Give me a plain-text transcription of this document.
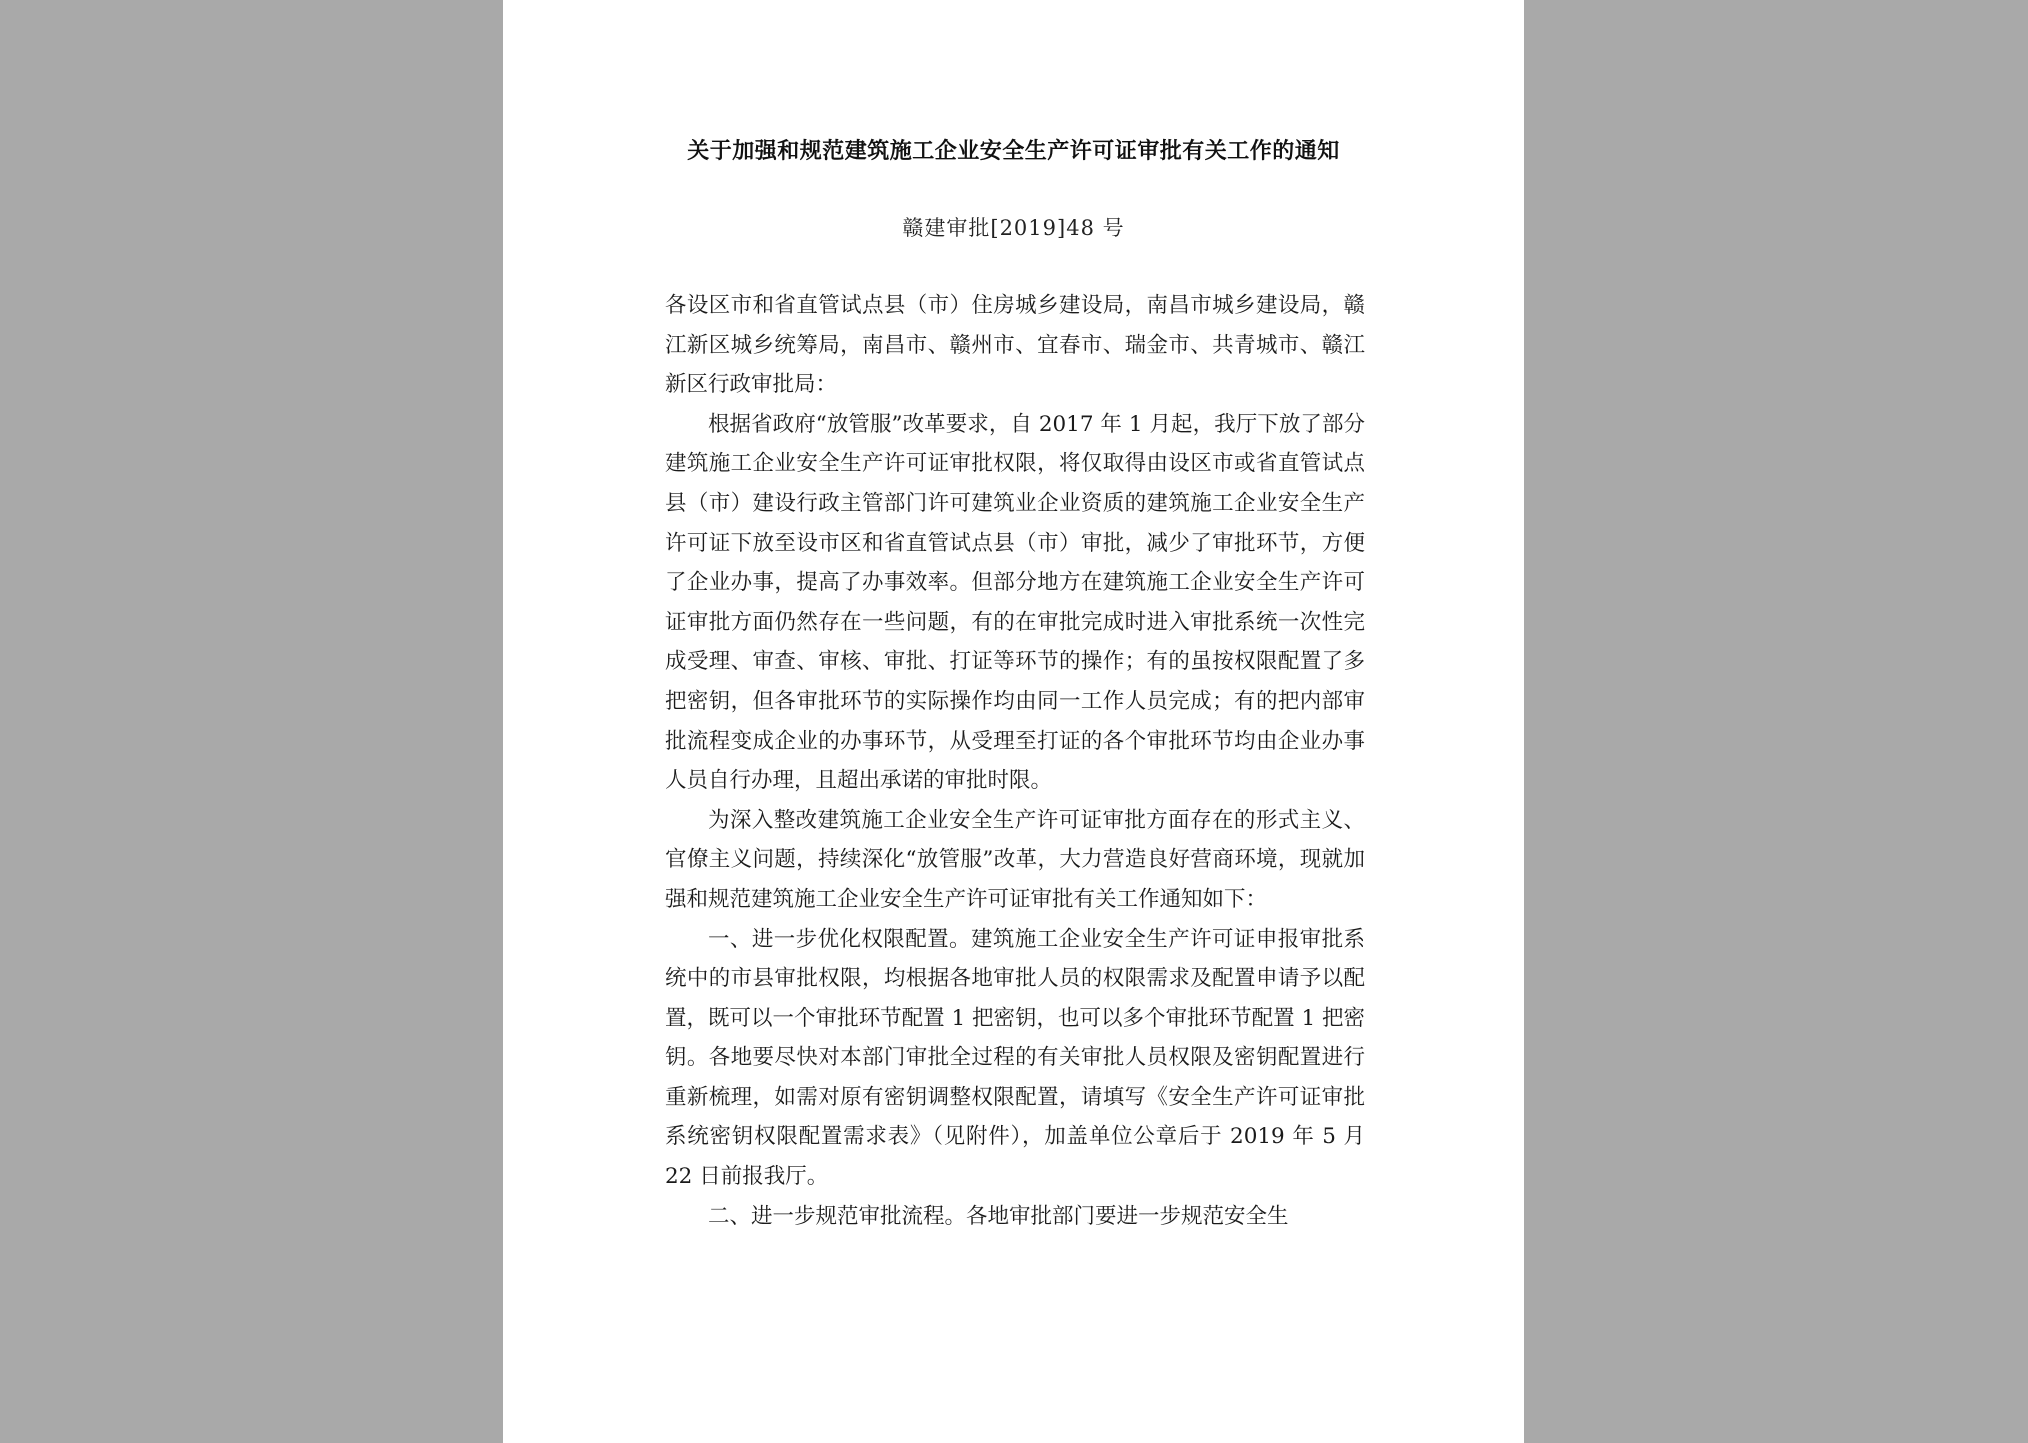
关于加强和规范建筑施工企业安全生产许可证审批有关工作的通知
赣建审批[2019]48 号

各设区市和省直管试点县（市）住房城乡建设局，南昌市城乡建设局，赣江新区城乡统筹局，南昌市、赣州市、宜春市、瑞金市、共青城市、赣江新区行政审批局：

根据省政府“放管服”改革要求，自 2017 年 1 月起，我厅下放了部分建筑施工企业安全生产许可证审批权限，将仅取得由设区市或省直管试点县（市）建设行政主管部门许可建筑业企业资质的建筑施工企业安全生产许可证下放至设市区和省直管试点县（市）审批，减少了审批环节，方便了企业办事，提高了办事效率。但部分地方在建筑施工企业安全生产许可证审批方面仍然存在一些问题，有的在审批完成时进入审批系统一次性完成受理、审查、审核、审批、打证等环节的操作；有的虽按权限配置了多把密钥，但各审批环节的实际操作均由同一工作人员完成；有的把内部审批流程变成企业的办事环节，从受理至打证的各个审批环节均由企业办事人员自行办理，且超出承诺的审批时限。

为深入整改建筑施工企业安全生产许可证审批方面存在的形式主义、官僚主义问题，持续深化“放管服”改革，大力营造良好营商环境，现就加强和规范建筑施工企业安全生产许可证审批有关工作通知如下：

一、进一步优化权限配置。建筑施工企业安全生产许可证申报审批系统中的市县审批权限，均根据各地审批人员的权限需求及配置申请予以配置，既可以一个审批环节配置 1 把密钥，也可以多个审批环节配置 1 把密钥。各地要尽快对本部门审批全过程的有关审批人员权限及密钥配置进行重新梳理，如需对原有密钥调整权限配置，请填写《安全生产许可证审批系统密钥权限配置需求表》（见附件），加盖单位公章后于 2019 年 5 月 22 日前报我厅。

二、进一步规范审批流程。各地审批部门要进一步规范安全生
